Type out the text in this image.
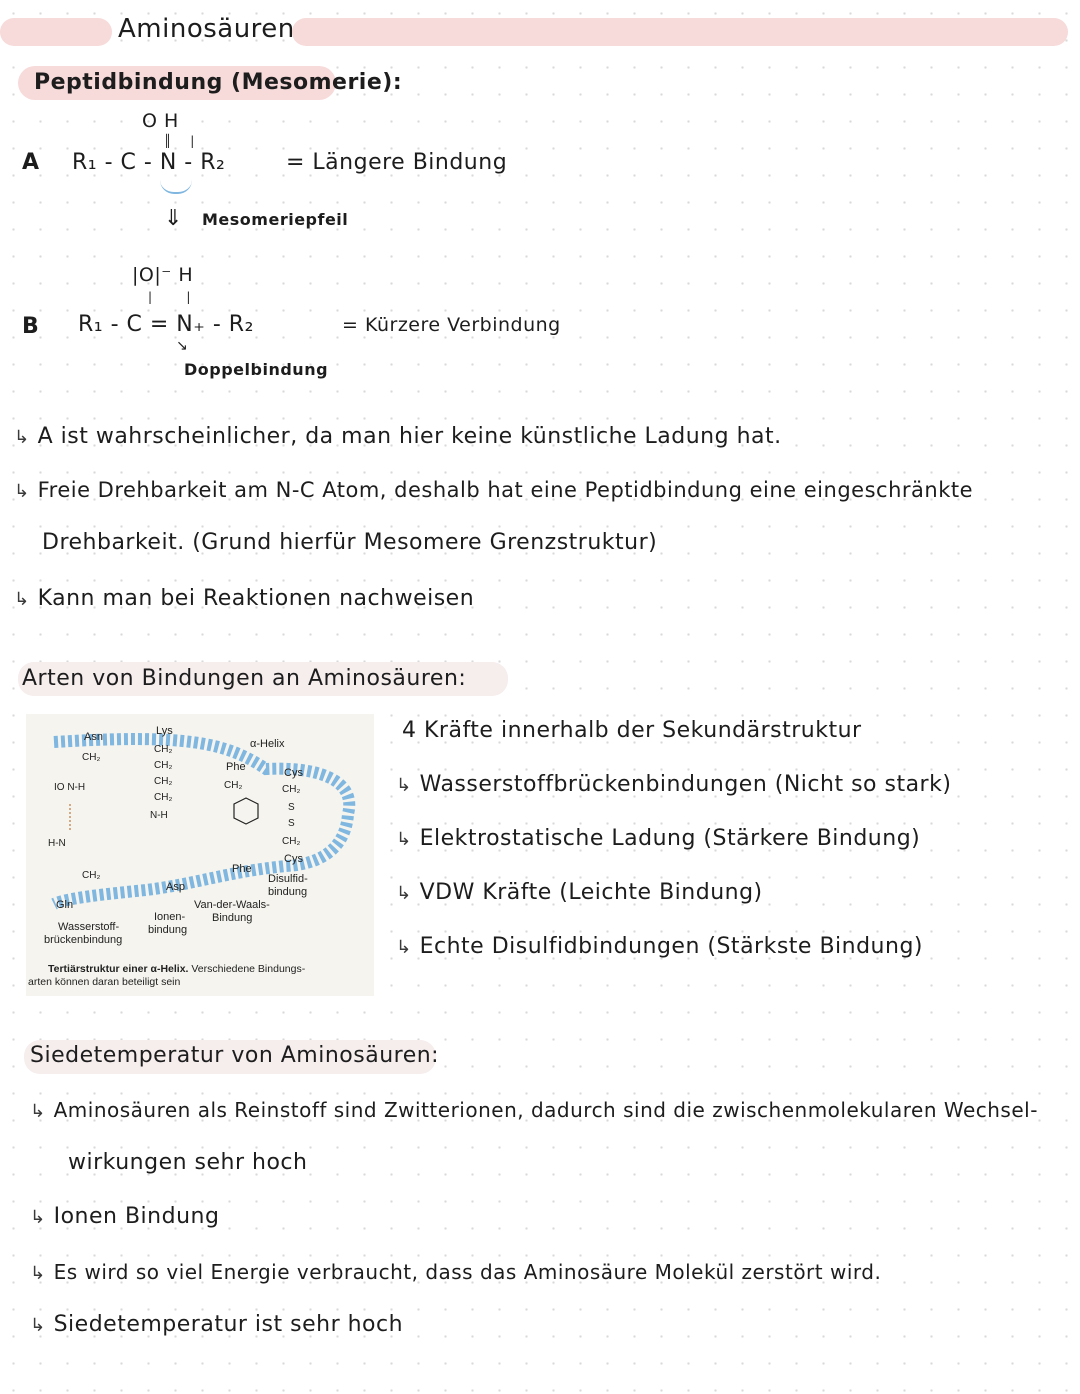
Aminosäuren
Peptidbindung (Mesomerie):
O H
║     |
A R₁ - C - N - R₂	= Längere Bindung
⇓ Mesomeriepfeil
|O|⁻ H
|         |
B R₁ - C = N₊ - R₂	= Kürzere Verbindung
↘
Doppelbindung
↳ A ist wahrscheinlicher, da man hier keine künstliche Ladung hat.
↳ Freie Drehbarkeit am N-C Atom, deshalb hat eine Peptidbindung eine eingeschränkte
Drehbarkeit. (Grund hierfür Mesomere Grenzstruktur)
↳ Kann man bei Reaktionen nachweisen
Arten von Bindungen an Aminosäuren:
α-Helix
Asn	Lys
Phe	Cys
Cys
Phe
Asp
Gln
CH₂
IO N-H
H-N
CH₂
CH₂
CH₂
CH₂
CH₂
N-H
CH₂	CH₂
S
S
CH₂
Wasserstoff-
brückenbindung
Ionen-
bindung
Van-der-Waals-
Bindung
Disulfid-
bindung
Tertiärstruktur einer α-Helix. Verschiedene Bindungs-
arten können daran beteiligt sein
4 Kräfte innerhalb der Sekundärstruktur
↳ Wasserstoffbrückenbindungen (Nicht so stark)
↳ Elektrostatische Ladung (Stärkere Bindung)
↳ VDW Kräfte (Leichte Bindung)
↳ Echte Disulfidbindungen (Stärkste Bindung)
Siedetemperatur von Aminosäuren:
↳ Aminosäuren als Reinstoff sind Zwitterionen, dadurch sind die zwischenmolekularen Wechsel-
wirkungen sehr hoch
↳ Ionen Bindung
↳ Es wird so viel Energie verbraucht, dass das Aminosäure Molekül zerstört wird.
↳ Siedetemperatur ist sehr hoch
